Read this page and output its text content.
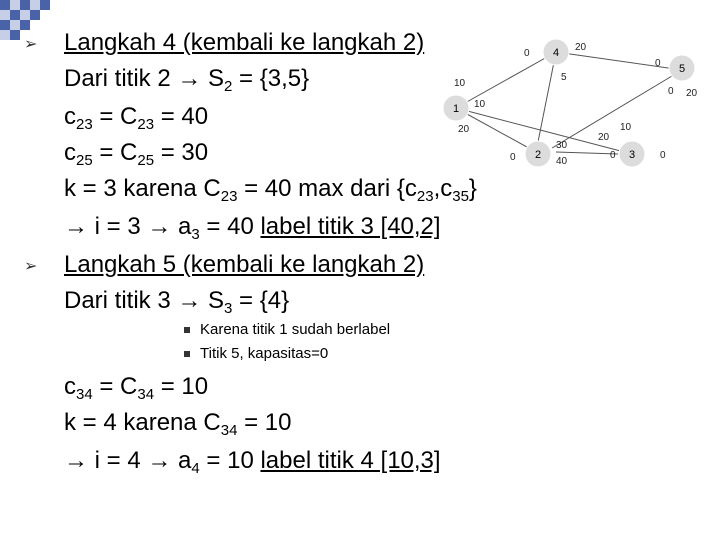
➢ Langkah 4 (kembali ke langkah 2)
Dari titik $2 \to S_2 = \{3,5\}$
$c_{23} = C_{23} = 40$
$c_{25} = C_{25} = 30$
k = 3 karena $C_{23} = 40$ max dari $\{c_{23},c_{35}\}$
→ $i = 3 \to a_3 = 40$ label titik 3 [40,2]
➢ Langkah 5 (kembali ke langkah 2)
Dari titik $3 \to S_3 = \{4\}$
Karena titik 1 sudah berlabel
Titik 5, kapasitas=0
$c_{34} = C_{34} = 10$
k = 4 karena $C_{34} = 10$
→ $i = 4 \to a_4 = 10$ label titik 4 [10,3]
1
2	3
4
5
20
0
5
10
10
20
0
20
0
20
10
30
40
0	0	0
